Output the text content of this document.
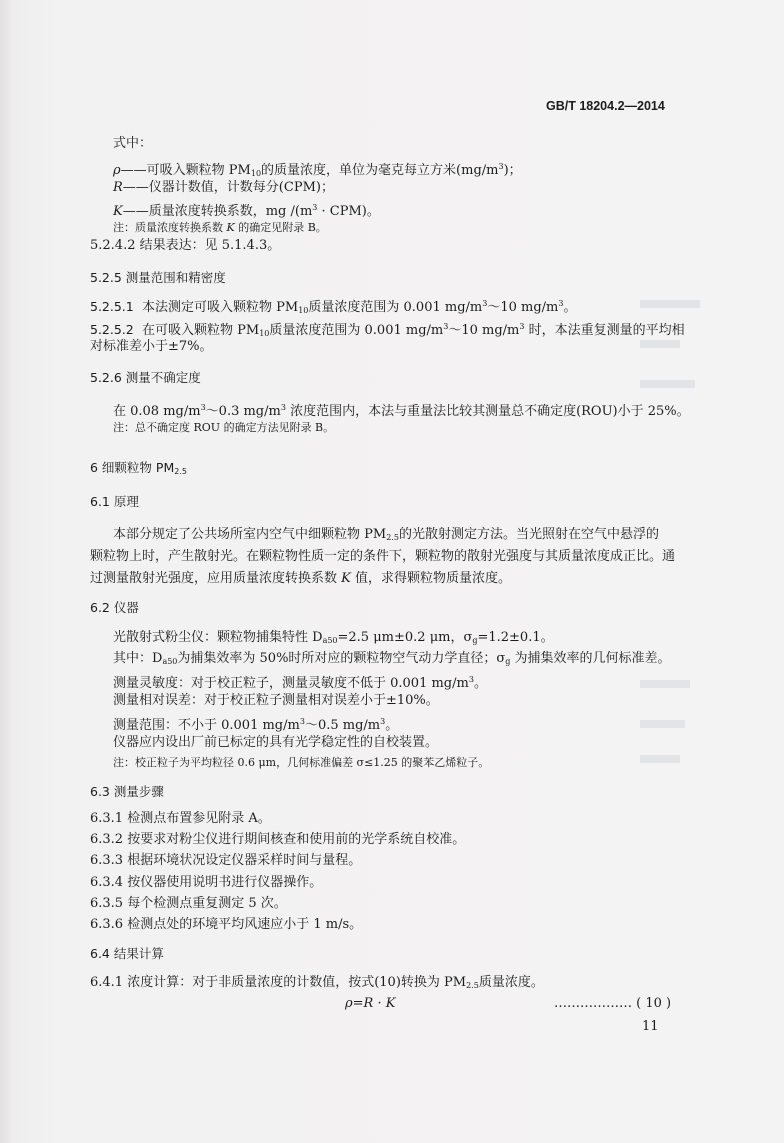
GB/T 18204.2—2014
式中：
ρ——可吸入颗粒物 $PM_{10}$的质量浓度，单位为毫克每立方米$(mg/m^3)$；
R——仪器计数值，计数每分(CPM)；
K——质量浓度转换系数，mg $/(m^3 \cdot CPM)$。
注：质量浓度转换系数 K 的确定见附录 B。
5.2.4.2 结果表达：见 5.1.4.3。
5.2.5 测量范围和精密度
5.2.5.1 本法测定可吸入颗粒物 $PM_{10}$质量浓度范围为 0.001 $mg/m^3\sim 10$ $mg/m^3$。
5.2.5.2 在可吸入颗粒物 $PM_{10}$质量浓度范围为 0.001 $mg/m^3\sim 10$ $mg/m^3$ 时，本法重复测量的平均相
对标准差小于±7%。
5.2.6 测量不确定度
在 0.08 $mg/m^3\sim 0.3$ $mg/m^3$ 浓度范围内，本法与重量法比较其测量总不确定度(ROU)小于 25%。
注：总不确定度 ROU 的确定方法见附录 B。
6 细颗粒物 $PM_{2.5}$
6.1 原理
本部分规定了公共场所室内空气中细颗粒物 $PM_{2.5}$的光散射测定方法。当光照射在空气中悬浮的
颗粒物上时，产生散射光。在颗粒物性质一定的条件下，颗粒物的散射光强度与其质量浓度成正比。通
过测量散射光强度，应用质量浓度转换系数 K 值，求得颗粒物质量浓度。
6.2 仪器
光散射式粉尘仪：颗粒物捕集特性 $D_{a50}=2.5$ μm±0.2 μm，$\sigma_g=1.2\pm 0.1$。
其中：$D_{a50}$为捕集效率为 50%时所对应的颗粒物空气动力学直径；$\sigma_g$ 为捕集效率的几何标准差。
测量灵敏度：对于校正粒子，测量灵敏度不低于 0.001 $mg/m^3$。
测量相对误差：对于校正粒子测量相对误差小于±10%。
测量范围：不小于 0.001 $mg/m^3\sim 0.5$ $mg/m^3$。
仪器应内设出厂前已标定的具有光学稳定性的自校装置。
注：校正粒子为平均粒径 0.6 μm，几何标准偏差 σ≤1.25 的聚苯乙烯粒子。
6.3 测量步骤
6.3.1 检测点布置参见附录 A。
6.3.2 按要求对粉尘仪进行期间核查和使用前的光学系统自校准。
6.3.3 根据环境状况设定仪器采样时间与量程。
6.3.4 按仪器使用说明书进行仪器操作。
6.3.5 每个检测点重复测定 5 次。
6.3.6 检测点处的环境平均风速应小于 1 m/s。
6.4 结果计算
6.4.1 浓度计算：对于非质量浓度的计数值，按式(10)转换为 $PM_{2.5}$质量浓度。
ρ=R · K	……………… ( 10 )
11
